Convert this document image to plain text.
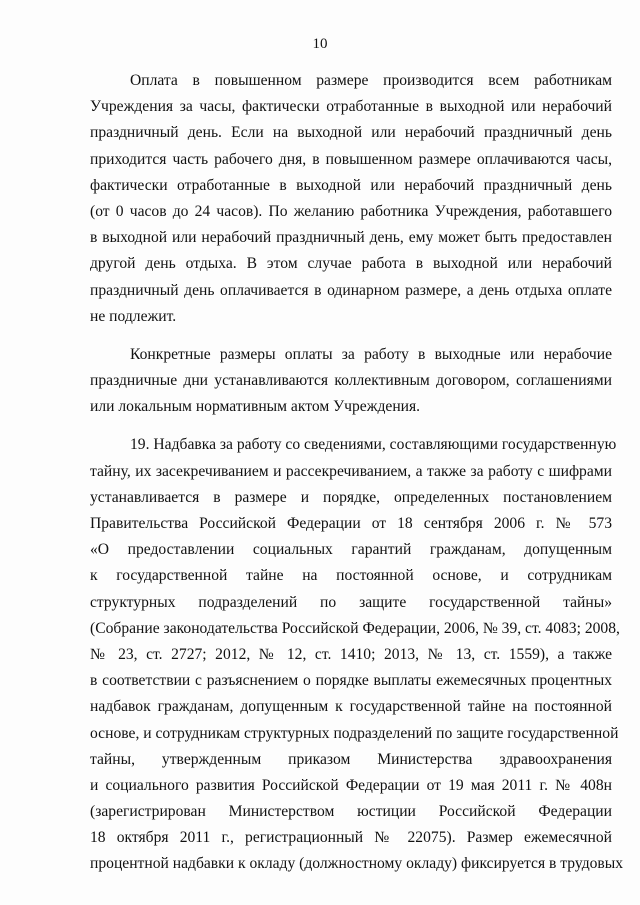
10
Оплата в повышенном размере производится всем работникам
Учреждения за часы, фактически отработанные в выходной или нерабочий
праздничный день. Если на выходной или нерабочий праздничный день
приходится часть рабочего дня, в повышенном размере оплачиваются часы,
фактически отработанные в выходной или нерабочий праздничный день
(от 0 часов до 24 часов). По желанию работника Учреждения, работавшего
в выходной или нерабочий праздничный день, ему может быть предоставлен
другой день отдыха. В этом случае работа в выходной или нерабочий
праздничный день оплачивается в одинарном размере, а день отдыха оплате
не подлежит.
Конкретные размеры оплаты за работу в выходные или нерабочие
праздничные дни устанавливаются коллективным договором, соглашениями
или локальным нормативным актом Учреждения.
19. Надбавка за работу со сведениями, составляющими государственную
тайну, их засекречиванием и рассекречиванием, а также за работу с шифрами
устанавливается в размере и порядке, определенных постановлением
Правительства Российской Федерации от 18 сентября 2006 г. № 573
«О предоставлении социальных гарантий гражданам, допущенным
к государственной тайне на постоянной основе, и сотрудникам
структурных подразделений по защите государственной тайны»
(Собрание законодательства Российской Федерации, 2006, № 39, ст. 4083; 2008,
№ 23, ст. 2727; 2012, № 12, ст. 1410; 2013, № 13, ст. 1559), а также
в соответствии с разъяснением о порядке выплаты ежемесячных процентных
надбавок гражданам, допущенным к государственной тайне на постоянной
основе, и сотрудникам структурных подразделений по защите государственной
тайны, утвержденным приказом Министерства здравоохранения
и социального развития Российской Федерации от 19 мая 2011 г. № 408н
(зарегистрирован Министерством юстиции Российской Федерации
18 октября 2011 г., регистрационный № 22075). Размер ежемесячной
процентной надбавки к окладу (должностному окладу) фиксируется в трудовых
